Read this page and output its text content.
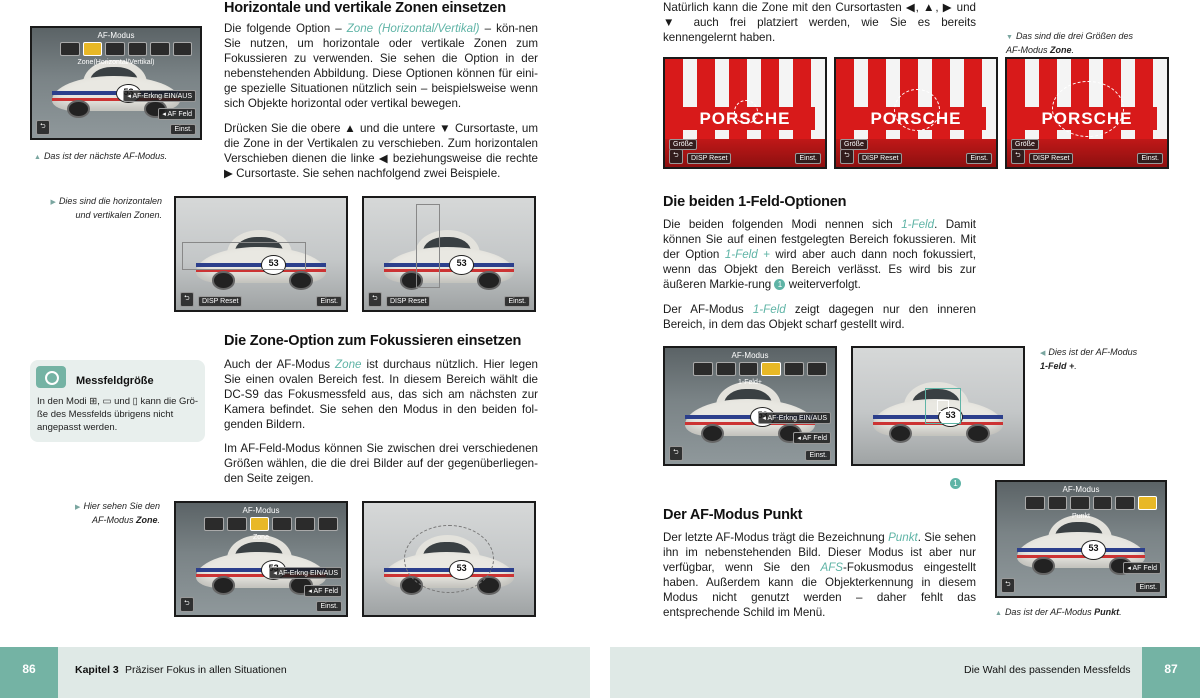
AF-Modus
Zone(Horizontal/Vertikal)
◂ AF-Erkng EIN/AUS
◂ AF Feld
Einst.
⮌
▲ Das ist der nächste AF-Modus.
Horizontale und vertikale Zonen einsetzen
Die folgende Option – Zone (Horizontal/Vertikal) – kön-nen Sie nutzen, um horizontale oder vertikale Zonen zum Fokussieren zu verwenden. Sie sehen die Option in der nebenstehenden Abbildung. Diese Optionen können für eini-ge spezielle Situationen nützlich sein – beispielsweise wenn sich Objekte horizontal oder vertikal bewegen.
Drücken Sie die obere ▲ und die untere ▼ Cursortaste, um die Zone in der Vertikalen zu verschieben. Zum horizontalen Verschieben dienen die linke ◀ beziehungsweise die rechte ▶ Cursortaste. Sie sehen nachfolgend zwei Beispiele.
▶ Dies sind die horizontalen
und vertikalen Zonen.
53
⮌	DISP Reset	Einst.
53
⮌	DISP Reset	Einst.
Die Zone-Option zum Fokussieren einsetzen
Auch der AF-Modus Zone ist durchaus nützlich. Hier legen Sie einen ovalen Bereich fest. In diesem Bereich wählt die DC-S9 das Fokusmessfeld aus, das sich am nächsten zur Kamera befindet. Sie sehen den Modus in den beiden fol-genden Bildern.
Im AF-Feld-Modus können Sie zwischen drei verschiedenen Größen wählen, die die drei Bilder auf der gegenüberliegen-den Seite zeigen.
Messfeldgröße
In den Modi ⊞, ▭ und ▯ kann die Grö-ße des Messfelds übrigens nicht angepasst werden.
▶ Hier sehen Sie den
AF-Modus Zone.
AF-Modus
Zone
◂ AF-Erkng EIN/AUS
◂ AF Feld
Einst.
⮌
53
86	Kapitel 3 Präziser Fokus in allen Situationen
Natürlich kann die Zone mit den Cursortasten ◀, ▲, ▶ und ▼ auch frei platziert werden, wie Sie es bereits kennengelernt haben.	▼ Das sind die drei Größen des
AF-Modus Zone.
PORSCHE
Größe
⮌	DISP Reset	Einst.
PORSCHE
Größe
⮌	DISP Reset	Einst.
PORSCHE
Größe
⮌	DISP Reset	Einst.
Die beiden 1-Feld-Optionen
Die beiden folgenden Modi nennen sich 1-Feld. Damit können Sie auf einen festgelegten Bereich fokussieren. Mit der Option 1-Feld + wird aber auch dann noch fokussiert, wenn das Objekt den Bereich verlässt. Es wird bis zur äußeren Markie-rung 1 weiterverfolgt.
Der AF-Modus 1-Feld zeigt dagegen nur den inneren Bereich, in dem das Objekt scharf gestellt wird.
AF-Modus
1-Feld+
◂ AF-Erkng EIN/AUS
◂ AF Feld
Einst.
⮌
53
1
◀ Dies ist der AF-Modus
1-Feld +.
Der AF-Modus Punkt
Der letzte AF-Modus trägt die Bezeichnung Punkt. Sie sehen ihn im nebenstehenden Bild. Dieser Modus ist aber nur verfügbar, wenn Sie den AFS-Fokusmodus eingestellt haben. Außerdem kann die Objekterkennung in diesem Modus nicht genutzt werden – daher fehlt das entsprechende Schild im Menü.
53
AF-Modus
Punkt
◂ AF Feld
Einst.
⮌
▲ Das ist der AF-Modus Punkt.
Die Wahl des passenden Messfelds	87
